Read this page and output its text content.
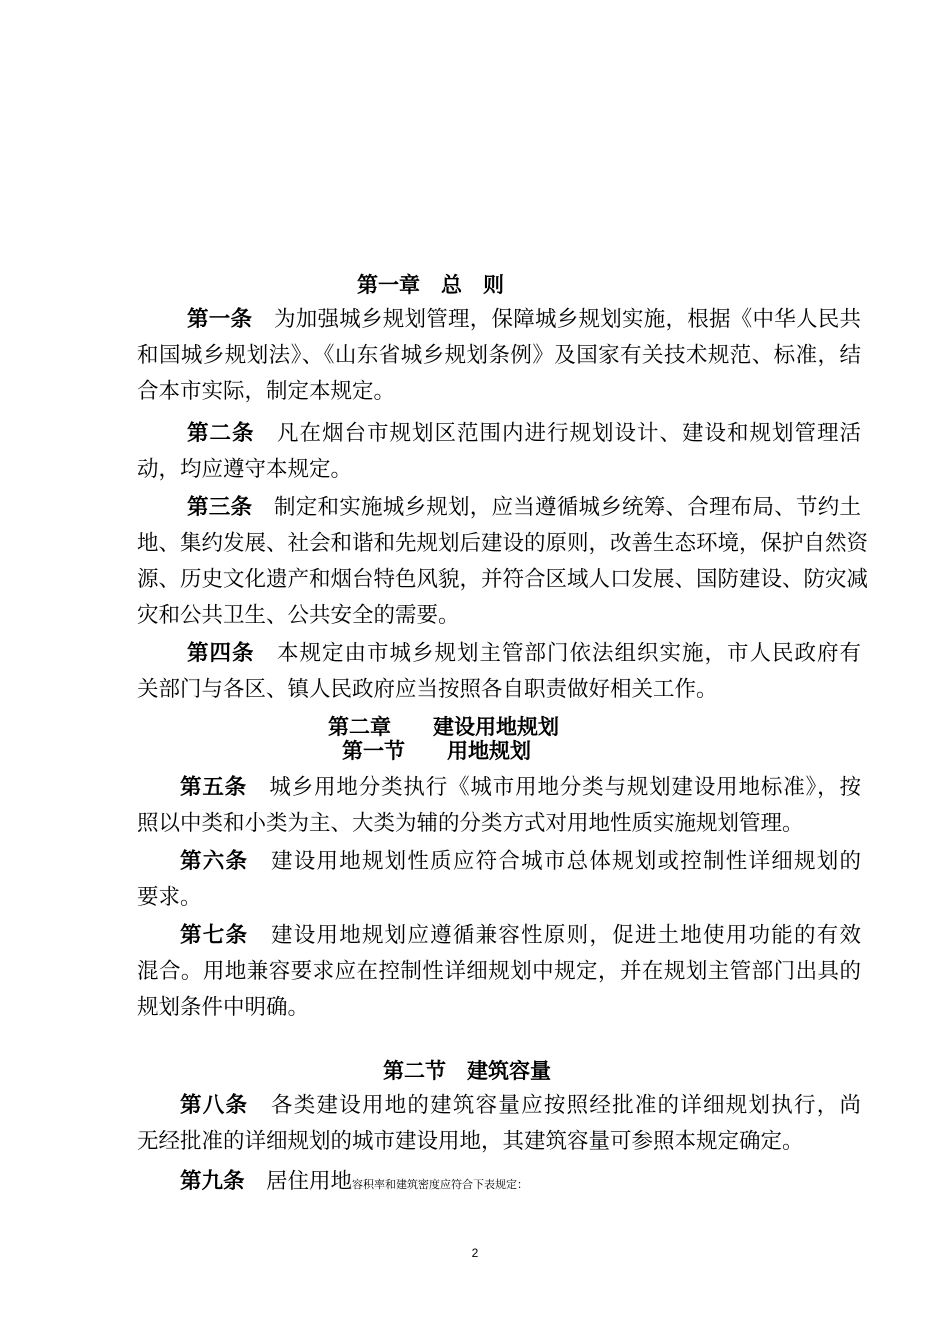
第一章　总　则
第一条　 为加强城乡规划管理，保障城乡规划实施，根据《中华人民共
和国城乡规划法》、《山东省城乡规划条例》及国家有关技术规范、标准，结
合本市实际，制定本规定。
第二条　 凡在烟台市规划区范围内进行规划设计、建设和规划管理活
动，均应遵守本规定。
第三条　 制定和实施城乡规划，应当遵循城乡统筹、合理布局、节约土
地、集约发展、社会和谐和先规划后建设的原则，改善生态环境，保护自然资
源、历史文化遗产和烟台特色风貌，并符合区域人口发展、国防建设、防灾减
灾和公共卫生、公共安全的需要。
第四条　 本规定由市城乡规划主管部门依法组织实施，市人民政府有
关部门与各区、镇人民政府应当按照各自职责做好相关工作。
第二章　　建设用地规划
第一节　　用地规划
第五条　 城乡用地分类执行《城市用地分类与规划建设用地标准》，按
照以中类和小类为主、大类为辅的分类方式对用地性质实施规划管理。
第六条　 建设用地规划性质应符合城市总体规划或控制性详细规划的
要求。
第七条　 建设用地规划应遵循兼容性原则，促进土地使用功能的有效
混合。用地兼容要求应在控制性详细规划中规定，并在规划主管部门出具的
规划条件中明确。
第二节　建筑容量
第八条　 各类建设用地的建筑容量应按照经批准的详细规划执行，尚
无经批准的详细规划的城市建设用地，其建筑容量可参照本规定确定。
第九条　 居住用地容积率和建筑密度应符合下表规定：
2
